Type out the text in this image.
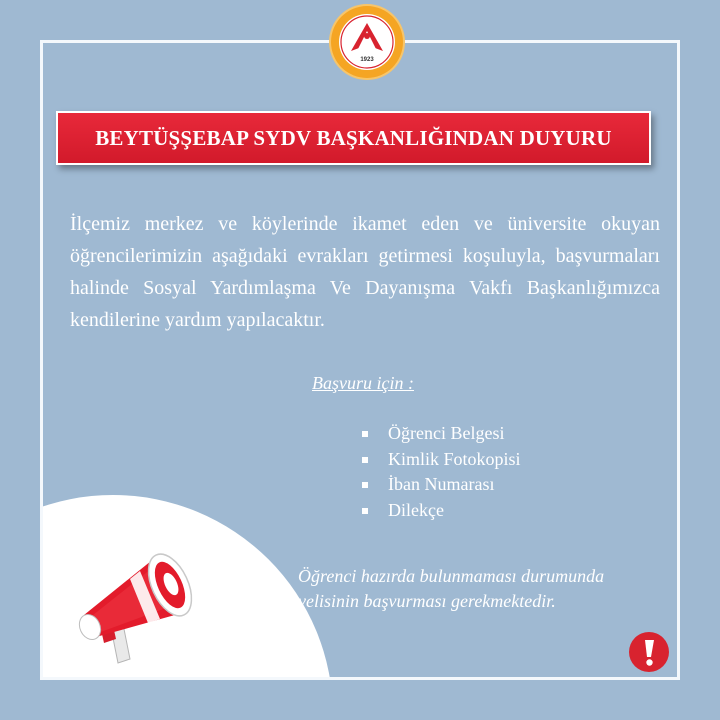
1923
BEYTÜŞŞEBAP SYDV BAŞKANLIĞINDAN DUYURU

İlçemiz merkez ve köylerinde ikamet eden ve üniversite okuyan öğrencilerimizin aşağıdaki evrakları getirmesi koşuluyla, başvurmaları halinde Sosyal Yardımlaşma Ve Dayanışma Vakfı Başkanlığımızca kendilerine yardım yapılacaktır.

Başvuru için :
Öğrenci Belgesi
Kimlik Fotokopisi
İban Numarası
Dilekçe

Öğrenci hazırda bulunmaması durumunda
velisinin başvurması gerekmektedir.
